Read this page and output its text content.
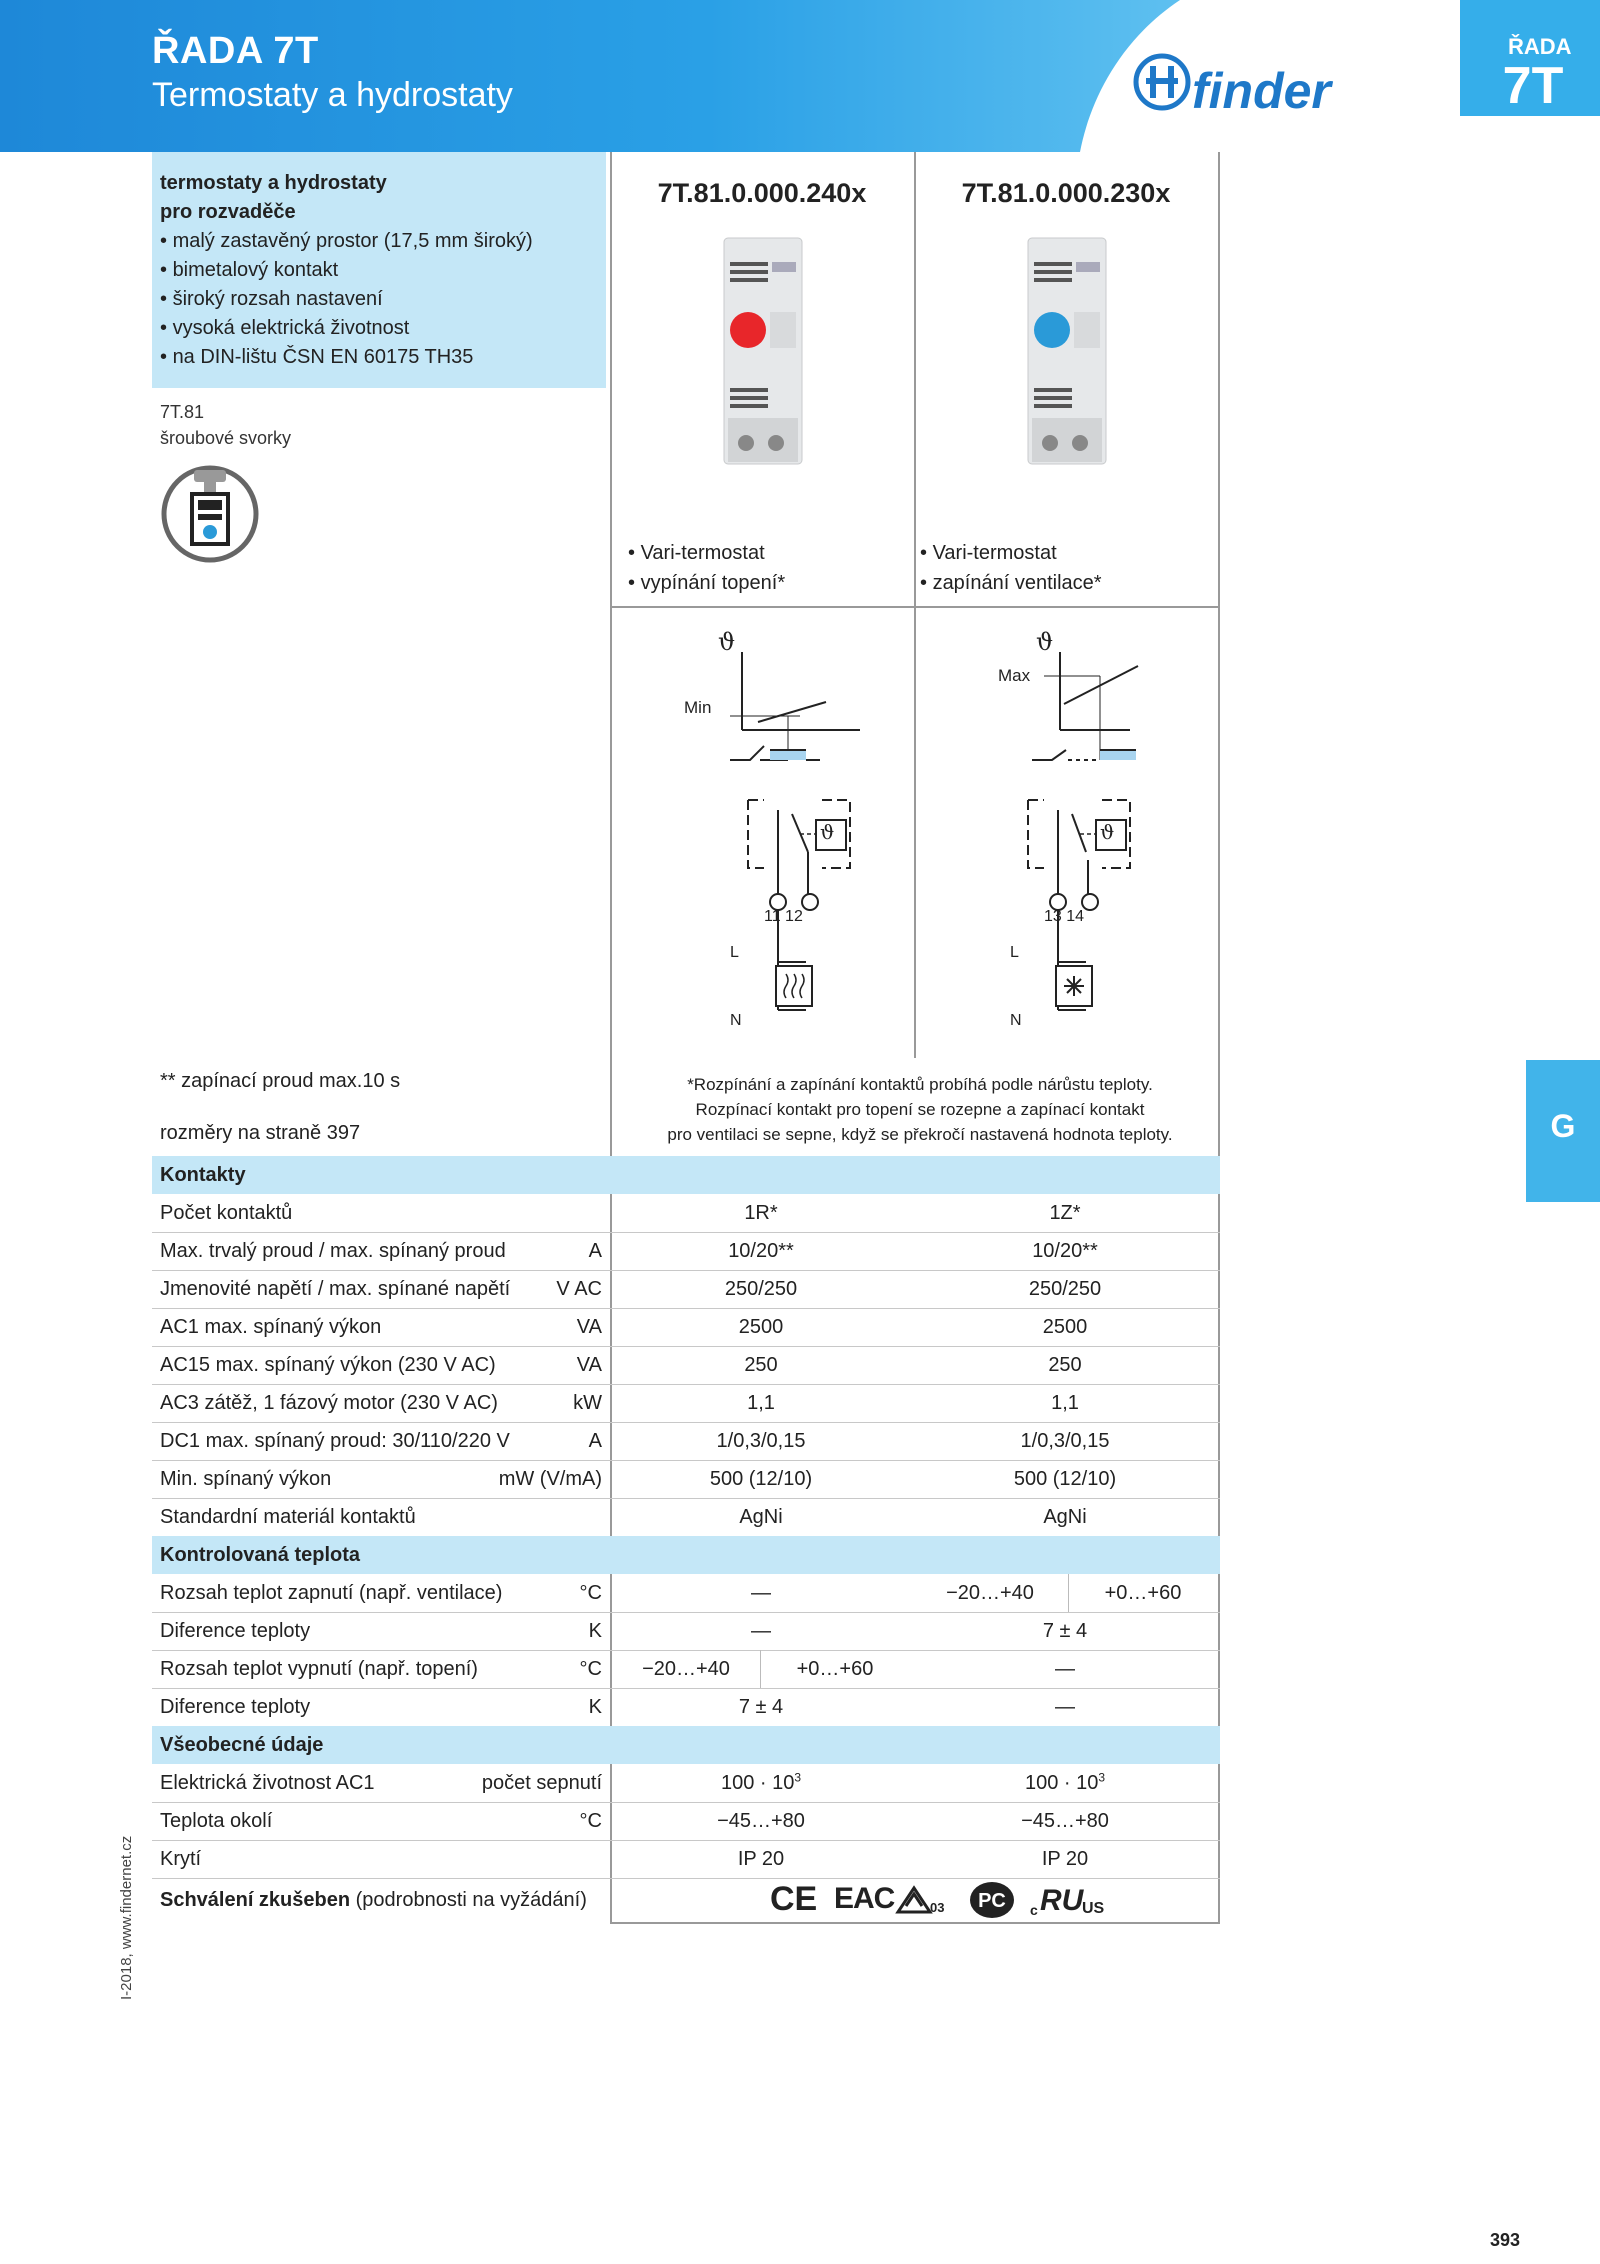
ŘADA 7T
Termostaty a hydrostaty	finder
ŘADA
7T
termostaty a hydrostaty
pro rozvaděče
• malý zastavěný prostor (17,5 mm široký)
• bimetalový kontakt
• široký rozsah nastavení
• vysoká elektrická životnost
• na DIN-lištu ČSN EN 60175 TH35
7T.81
šroubové svorky
7T.81.0.000.240x	7T.81.0.000.230x
• Vari-termostat
• vypínání topení*
• Vari-termostat
• zapínání ventilace*
ϑ
ϑ
Min
11 12
L
N
ϑ
ϑ
Max
13 14
L
N
** zapínací proud max.10 s
rozměry na straně 397
*Rozpínání a zapínání kontaktů probíhá podle nárůstu teploty.
Rozpínací kontakt pro topení se rozepne a zapínací kontakt
pro ventilaci se sepne, když se překročí nastavená hodnota teploty.
Kontakty
Počet kontaktů	1R*	1Z*
Max. trvalý proud / max. spínaný proud	A	10/20**	10/20**
Jmenovité napětí / max. spínané napětí	V AC	250/250	250/250
AC1 max. spínaný výkon	VA	2500	2500
AC15 max. spínaný výkon (230 V AC)	VA	250	250
AC3 zátěž, 1 fázový motor (230 V AC)	kW	1,1	1,1
DC1 max. spínaný proud: 30/110/220 V	A	1/0,3/0,15	1/0,3/0,15
Min. spínaný výkon	mW (V/mA)	500 (12/10)	500 (12/10)
Standardní materiál kontaktů	AgNi	AgNi
Kontrolovaná teplota
Rozsah teplot zapnutí (např. ventilace)	°C	—	−20…+40	+0…+60
Diference teploty	K	—	7 ± 4
Rozsah teplot vypnutí (např. topení)	°C	−20…+40	+0…+60	—
Diference teploty	K	7 ± 4	—
Všeobecné údaje
Elektrická životnost AC1	počet sepnutí	$100 \cdot 10^3$	$100 \cdot 10^3$
Teplota okolí	°C	−45…+80	−45…+80
Krytí	IP 20	IP 20
Schválení zkušeben (podrobnosti na vyžádání)	CE EAC	03 PC c RU
US
G
I-2018, www.findernet.cz
393
